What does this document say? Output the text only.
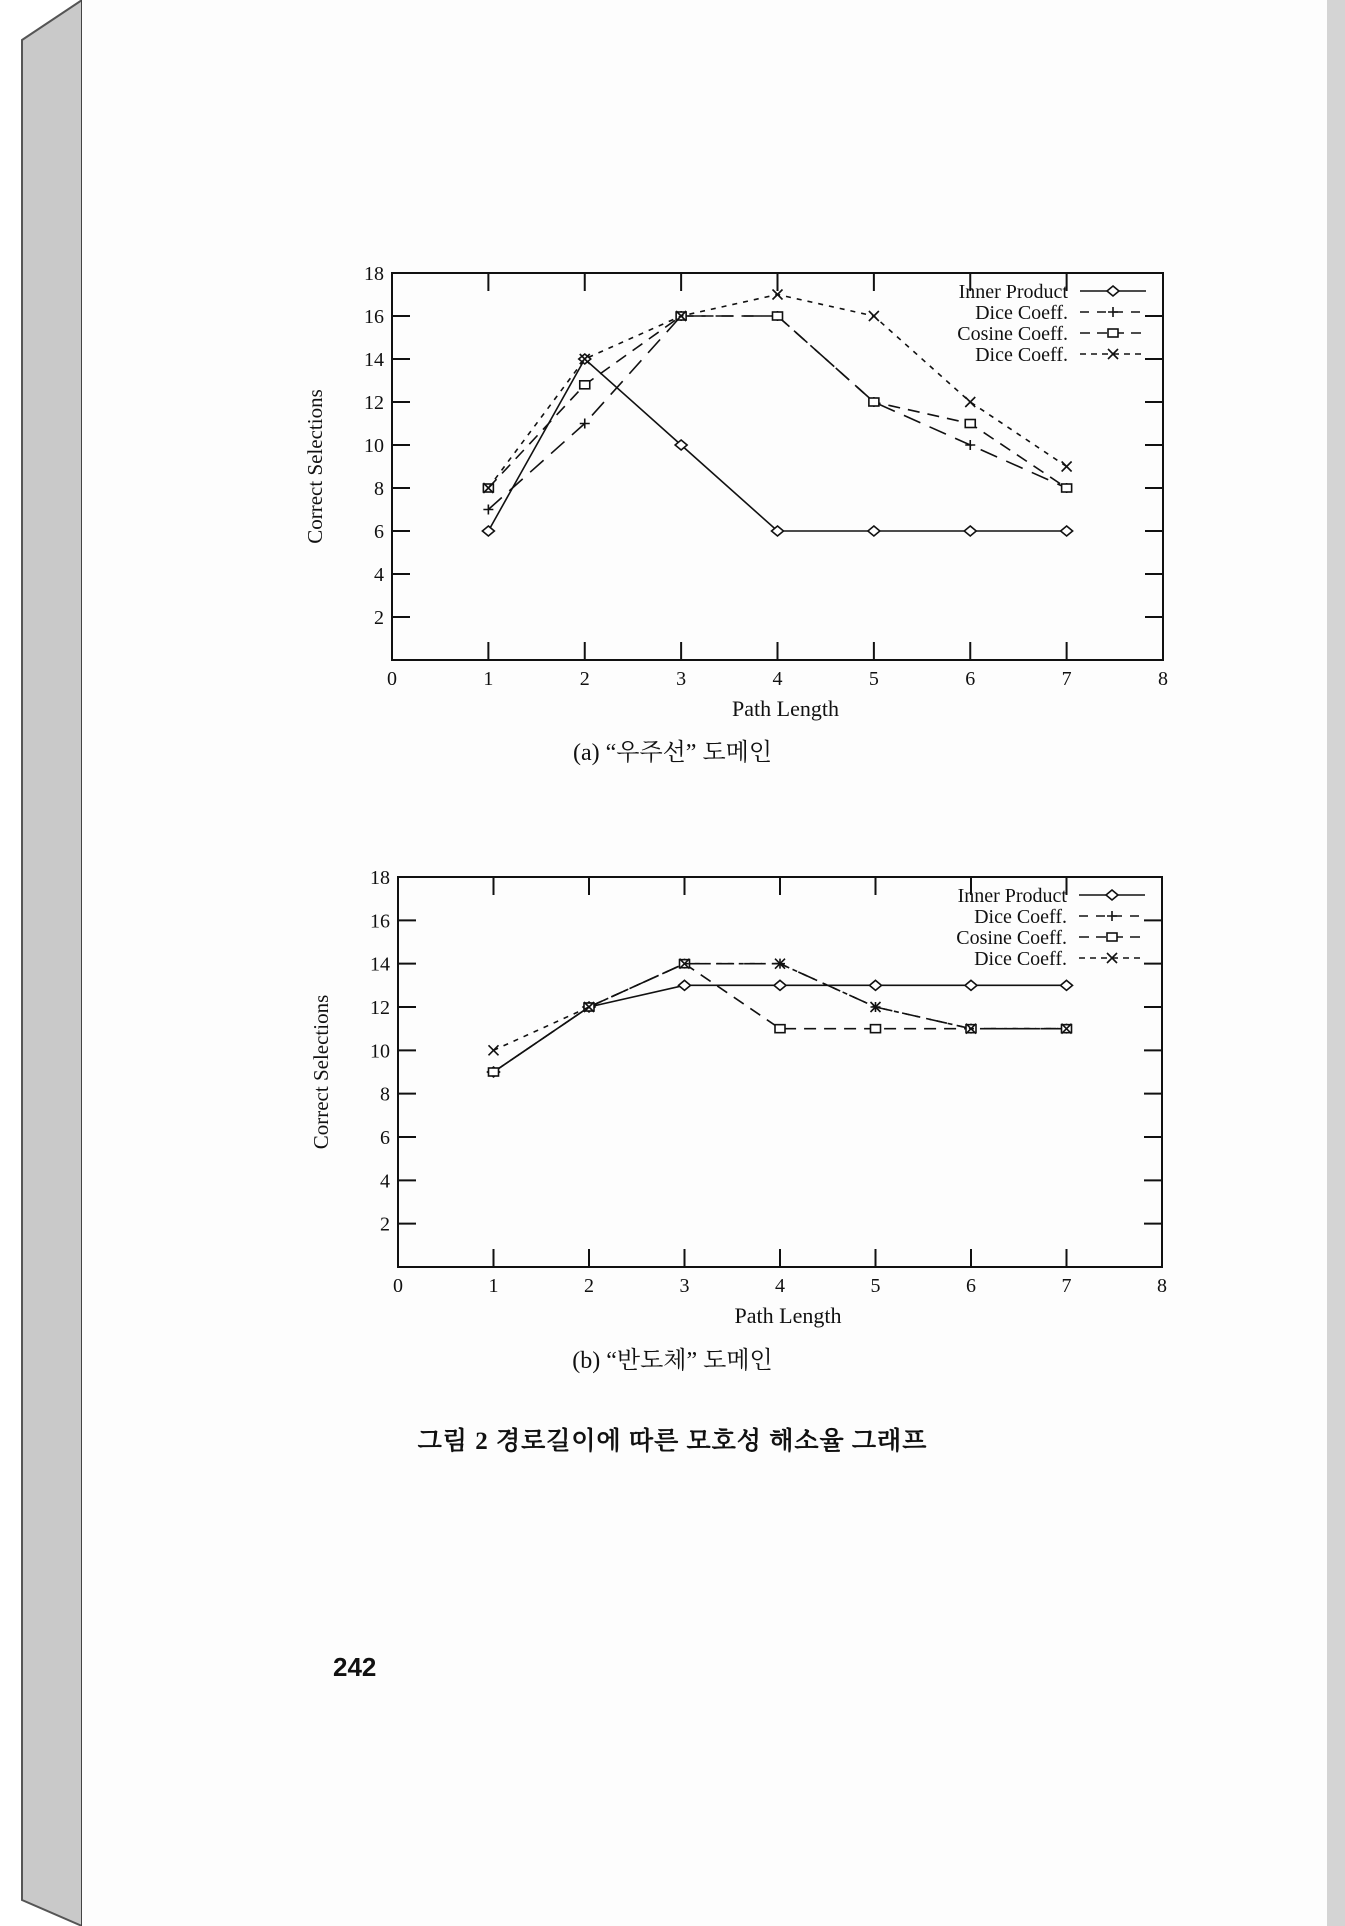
0	1	2	3	4	5	6	7	8
2
4
6
8
10
12
14
16
18
Path Length
Correct Selections
Inner Product
Dice Coeff.
Cosine Coeff.
Dice Coeff.
(a) “우주선” 도메인
0	1	2	3	4	5	6	7	8
2
4
6
8
10
12
14
16
18
Path Length
Correct Selections
Inner Product
Dice Coeff.
Cosine Coeff.
Dice Coeff.
(b) “반도체” 도메인
그림 2 경로길이에 따른 모호성 해소율 그래프
242
